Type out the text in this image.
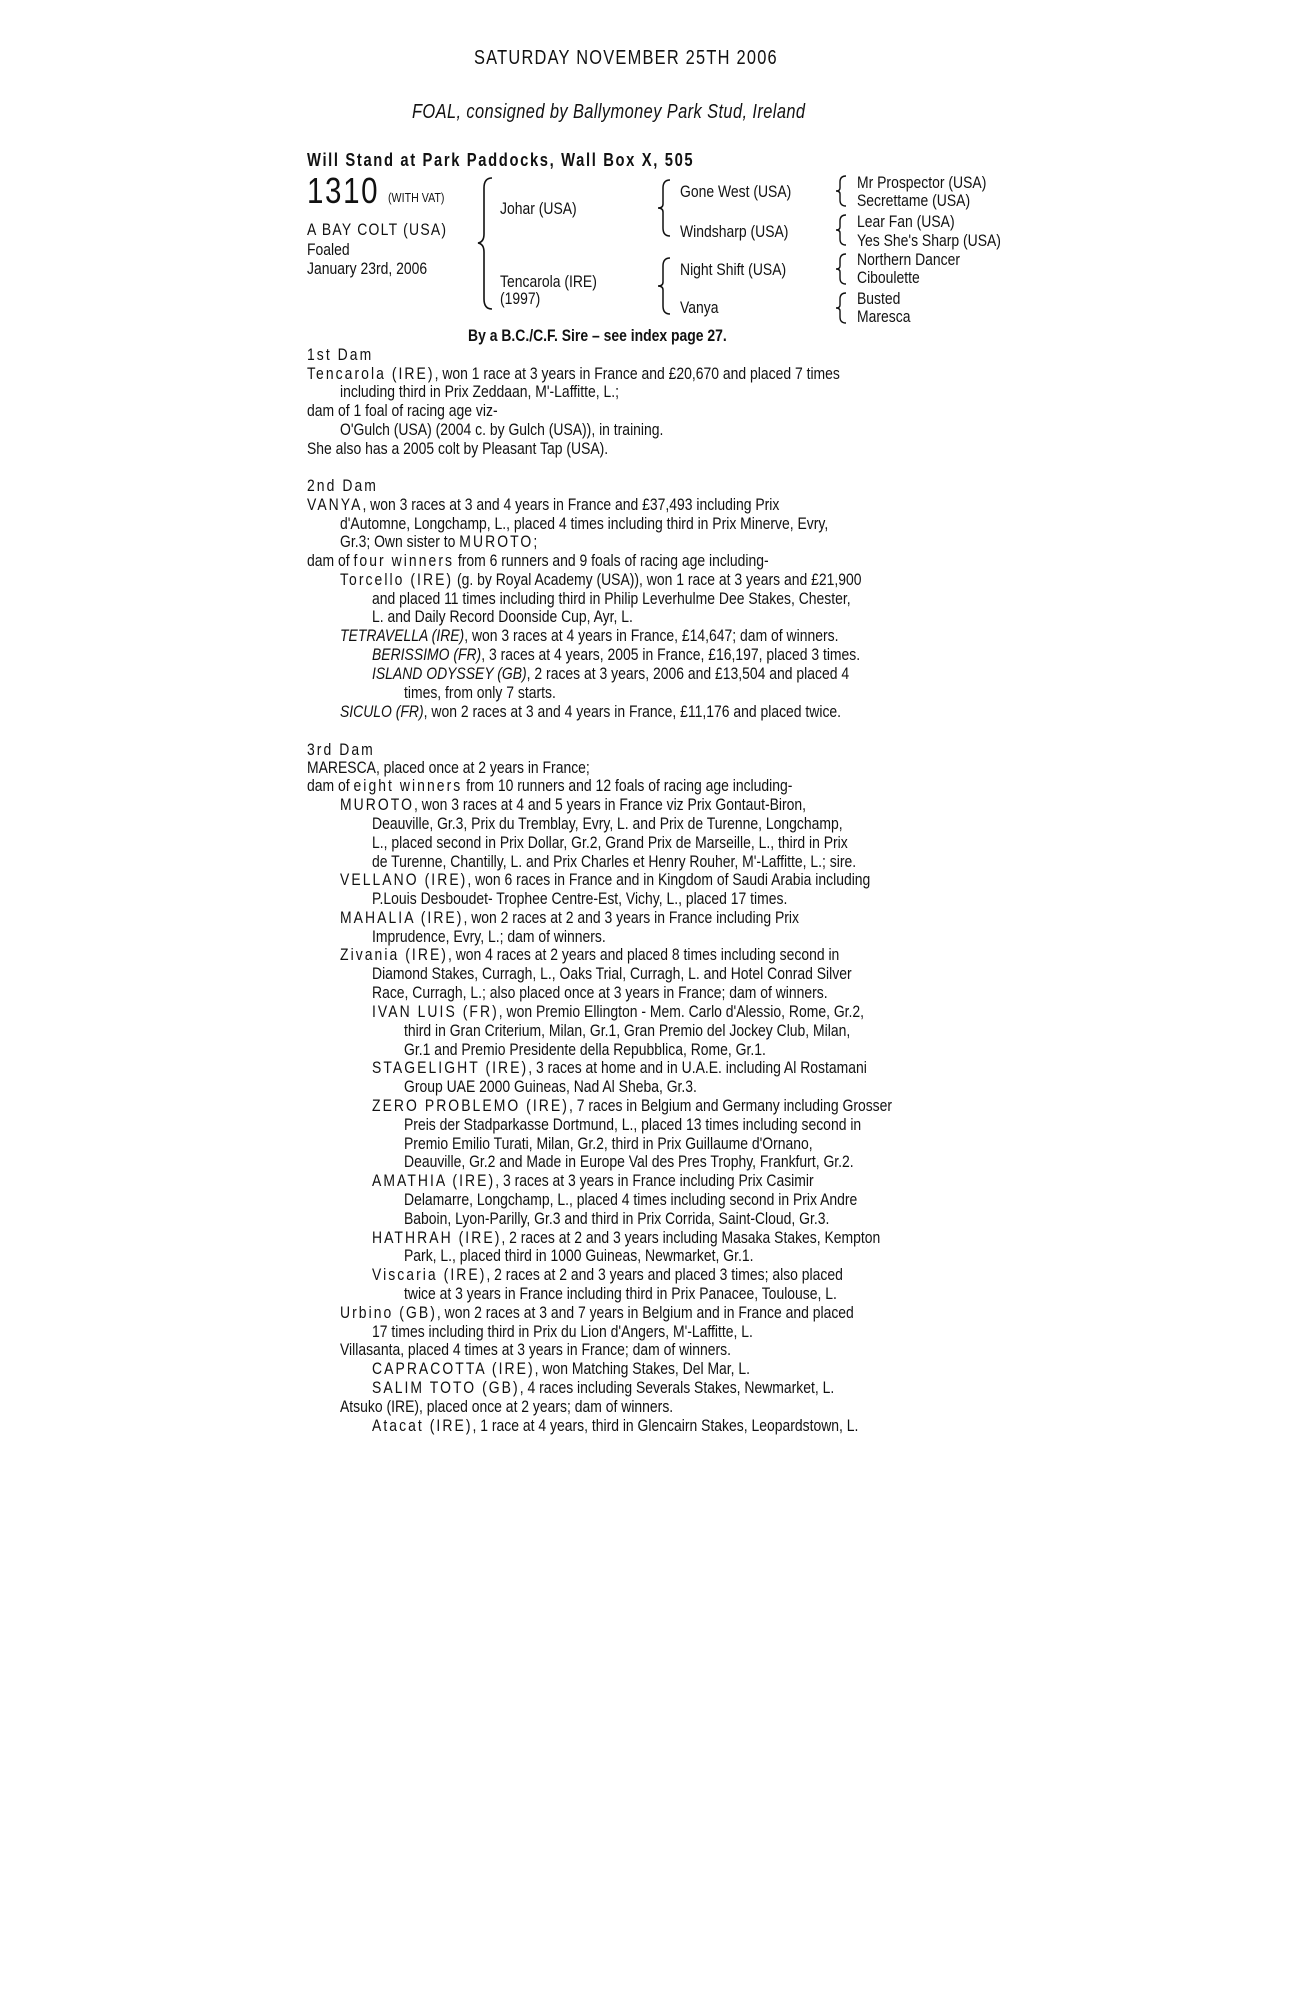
SATURDAY NOVEMBER 25TH 2006
FOAL, consigned by Ballymoney Park Stud, Ireland
Will Stand at Park Paddocks, Wall Box X, 505
1310 (WITH VAT)
A BAY COLT (USA)
Foaled
January 23rd, 2006
Johar (USA)
Tencarola (IRE)
(1997)
Gone West (USA)
Windsharp (USA)
Night Shift (USA)
Vanya
Mr Prospector (USA)
Secrettame (USA)
Lear Fan (USA)
Yes She's Sharp (USA)
Northern Dancer
Ciboulette
Busted
Maresca
By a B.C./C.F. Sire – see index page 27.
1st Dam
Tencarola (IRE), won 1 race at 3 years in France and £20,670 and placed 7 times
including third in Prix Zeddaan, M'-Laffitte, L.;
dam of 1 foal of racing age viz-
O'Gulch (USA) (2004 c. by Gulch (USA)), in training.
She also has a 2005 colt by Pleasant Tap (USA).
2nd Dam
VANYA, won 3 races at 3 and 4 years in France and £37,493 including Prix
d'Automne, Longchamp, L., placed 4 times including third in Prix Minerve, Evry,
Gr.3; Own sister to MUROTO;
dam of four winners from 6 runners and 9 foals of racing age including-
Torcello (IRE) (g. by Royal Academy (USA)), won 1 race at 3 years and £21,900
and placed 11 times including third in Philip Leverhulme Dee Stakes, Chester,
L. and Daily Record Doonside Cup, Ayr, L.
TETRAVELLA (IRE), won 3 races at 4 years in France, £14,647; dam of winners.
BERISSIMO (FR), 3 races at 4 years, 2005 in France, £16,197, placed 3 times.
ISLAND ODYSSEY (GB), 2 races at 3 years, 2006 and £13,504 and placed 4
times, from only 7 starts.
SICULO (FR), won 2 races at 3 and 4 years in France, £11,176 and placed twice.
3rd Dam
MARESCA, placed once at 2 years in France;
dam of eight winners from 10 runners and 12 foals of racing age including-
MUROTO, won 3 races at 4 and 5 years in France viz Prix Gontaut-Biron,
Deauville, Gr.3, Prix du Tremblay, Evry, L. and Prix de Turenne, Longchamp,
L., placed second in Prix Dollar, Gr.2, Grand Prix de Marseille, L., third in Prix
de Turenne, Chantilly, L. and Prix Charles et Henry Rouher, M'-Laffitte, L.; sire.
VELLANO (IRE), won 6 races in France and in Kingdom of Saudi Arabia including
P.Louis Desboudet- Trophee Centre-Est, Vichy, L., placed 17 times.
MAHALIA (IRE), won 2 races at 2 and 3 years in France including Prix
Imprudence, Evry, L.; dam of winners.
Zivania (IRE), won 4 races at 2 years and placed 8 times including second in
Diamond Stakes, Curragh, L., Oaks Trial, Curragh, L. and Hotel Conrad Silver
Race, Curragh, L.; also placed once at 3 years in France; dam of winners.
IVAN LUIS (FR), won Premio Ellington - Mem. Carlo d'Alessio, Rome, Gr.2,
third in Gran Criterium, Milan, Gr.1, Gran Premio del Jockey Club, Milan,
Gr.1 and Premio Presidente della Repubblica, Rome, Gr.1.
STAGELIGHT (IRE), 3 races at home and in U.A.E. including Al Rostamani
Group UAE 2000 Guineas, Nad Al Sheba, Gr.3.
ZERO PROBLEMO (IRE), 7 races in Belgium and Germany including Grosser
Preis der Stadparkasse Dortmund, L., placed 13 times including second in
Premio Emilio Turati, Milan, Gr.2, third in Prix Guillaume d'Ornano,
Deauville, Gr.2 and Made in Europe Val des Pres Trophy, Frankfurt, Gr.2.
AMATHIA (IRE), 3 races at 3 years in France including Prix Casimir
Delamarre, Longchamp, L., placed 4 times including second in Prix Andre
Baboin, Lyon-Parilly, Gr.3 and third in Prix Corrida, Saint-Cloud, Gr.3.
HATHRAH (IRE), 2 races at 2 and 3 years including Masaka Stakes, Kempton
Park, L., placed third in 1000 Guineas, Newmarket, Gr.1.
Viscaria (IRE), 2 races at 2 and 3 years and placed 3 times; also placed
twice at 3 years in France including third in Prix Panacee, Toulouse, L.
Urbino (GB), won 2 races at 3 and 7 years in Belgium and in France and placed
17 times including third in Prix du Lion d'Angers, M'-Laffitte, L.
Villasanta, placed 4 times at 3 years in France; dam of winners.
CAPRACOTTA (IRE), won Matching Stakes, Del Mar, L.
SALIM TOTO (GB), 4 races including Severals Stakes, Newmarket, L.
Atsuko (IRE), placed once at 2 years; dam of winners.
Atacat (IRE), 1 race at 4 years, third in Glencairn Stakes, Leopardstown, L.
